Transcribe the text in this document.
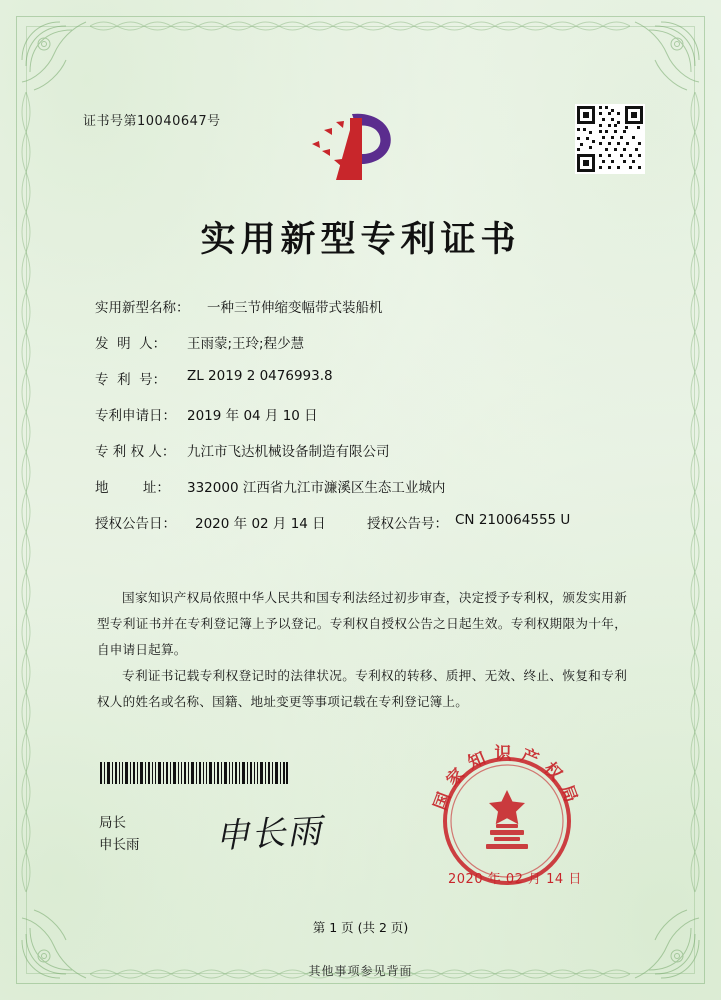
证书号第10040647号
实用新型专利证书
实用新型名称： 一种三节伸缩变幅带式装船机
发  明  人： 王雨蒙;王玲;程少慧
专  利  号： ZL 2019 2 0476993.8
专利申请日： 2019 年 04 月 10 日
专 利 权 人： 九江市飞达机械设备制造有限公司
地        址： 332000 江西省九江市濂溪区生态工业城内
授权公告日： 2020 年 02 月 14 日	授权公告号： CN 210064555 U

国家知识产权局依照中华人民共和国专利法经过初步审查，决定授予专利权，颁发实用新型专利证书并在专利登记簿上予以登记。专利权自授权公告之日起生效。专利权期限为十年，自申请日起算。

专利证书记载专利权登记时的法律状况。专利权的转移、质押、无效、终止、恢复和专利权人的姓名或名称、国籍、地址变更等事项记载在专利登记簿上。

局长
申长雨 申长雨
国家知识产权局
2020 年 02 月 14 日
第 1 页 (共 2 页)
其他事项参见背面
